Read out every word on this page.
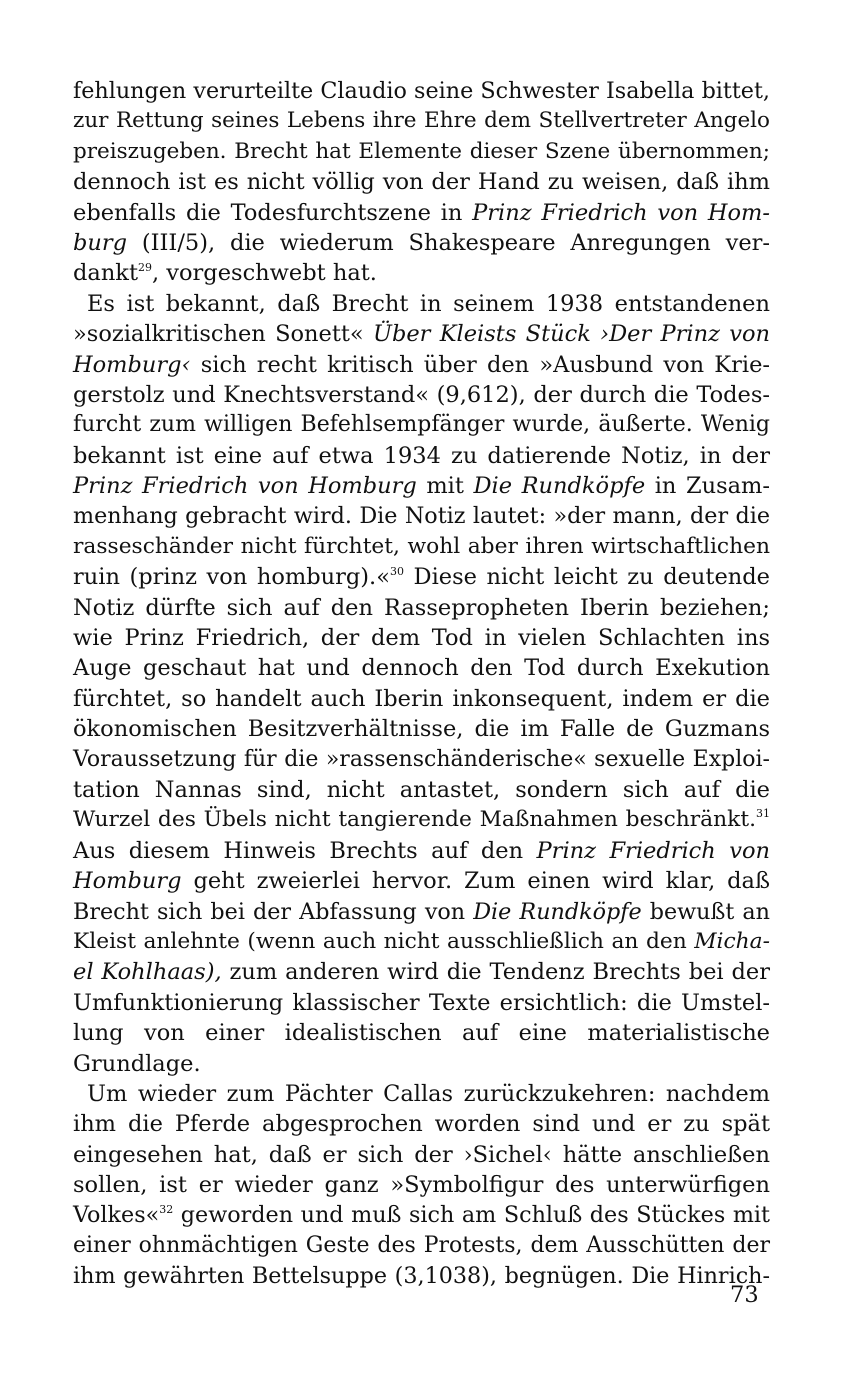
fehlungen verurteilte Claudio seine Schwester Isabella bittet,
zur Rettung seines Lebens ihre Ehre dem Stellvertreter Angelo
preiszugeben. Brecht hat Elemente dieser Szene übernommen;
dennoch ist es nicht völlig von der Hand zu weisen, daß ihm
ebenfalls die Todesfurchtszene in Prinz Friedrich von Hom-
burg (III/5), die wiederum Shakespeare Anregungen ver-
dankt$^{29}$, vorgeschwebt hat.
Es ist bekannt, daß Brecht in seinem 1938 entstandenen
»sozialkritischen Sonett« Über Kleists Stück ›Der Prinz von
Homburg‹ sich recht kritisch über den »Ausbund von Krie-
gerstolz und Knechtsverstand« (9,612), der durch die Todes-
furcht zum willigen Befehlsempfänger wurde, äußerte. Wenig
bekannt ist eine auf etwa 1934 zu datierende Notiz, in der
Prinz Friedrich von Homburg mit Die Rundköpfe in Zusam-
menhang gebracht wird. Die Notiz lautet: »der mann, der die
rasseschänder nicht fürchtet, wohl aber ihren wirtschaftlichen
ruin (prinz von homburg).«$^{30}$ Diese nicht leicht zu deutende
Notiz dürfte sich auf den Rassepropheten Iberin beziehen;
wie Prinz Friedrich, der dem Tod in vielen Schlachten ins
Auge geschaut hat und dennoch den Tod durch Exekution
fürchtet, so handelt auch Iberin inkonsequent, indem er die
ökonomischen Besitzverhältnisse, die im Falle de Guzmans
Voraussetzung für die »rassenschänderische« sexuelle Exploi-
tation Nannas sind, nicht antastet, sondern sich auf die
Wurzel des Übels nicht tangierende Maßnahmen beschränkt.$^{31}$
Aus diesem Hinweis Brechts auf den Prinz Friedrich von
Homburg geht zweierlei hervor. Zum einen wird klar, daß
Brecht sich bei der Abfassung von Die Rundköpfe bewußt an
Kleist anlehnte (wenn auch nicht ausschließlich an den Micha-
el Kohlhaas), zum anderen wird die Tendenz Brechts bei der
Umfunktionierung klassischer Texte ersichtlich: die Umstel-
lung von einer idealistischen auf eine materialistische
Grundlage.
Um wieder zum Pächter Callas zurückzukehren: nachdem
ihm die Pferde abgesprochen worden sind und er zu spät
eingesehen hat, daß er sich der ›Sichel‹ hätte anschließen
sollen, ist er wieder ganz »Symbolfigur des unterwürfigen
Volkes«$^{32}$ geworden und muß sich am Schluß des Stückes mit
einer ohnmächtigen Geste des Protests, dem Ausschütten der
ihm gewährten Bettelsuppe (3,1038), begnügen. Die Hinrich-
73
